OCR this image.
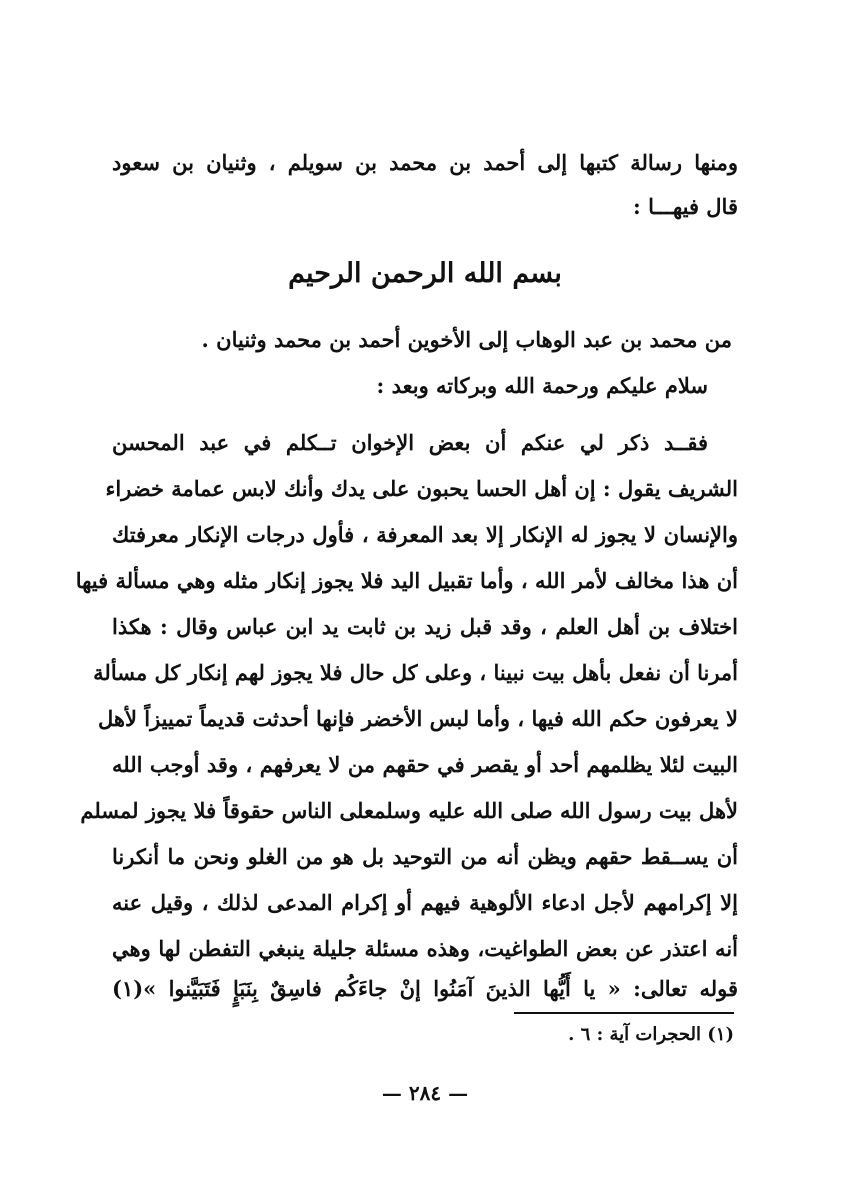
ومنها رسالة كتبها إلى أحمد بن محمد بن سويلم ، وثنيان بن سعود
قال فيهـــا :
بسم الله الرحمن الرحيم
من محمد بن عبد الوهاب إلى الأخوين أحمد بن محمد وثنيان .
سلام عليكم ورحمة الله وبركاته وبعد :
فقــد ذكر لي عنكم أن بعض الإخوان تــكلم في عبد المحسن
الشريف يقول : إن أهل الحسا يحبون على يدك وأنك لابس عمامة خضراء
والإنسان لا يجوز له الإنكار إلا بعد المعرفة ، فأول درجات الإنكار معرفتك
أن هذا مخالف لأمر الله ، وأما تقبيل اليد فلا يجوز إنكار مثله وهي مسألة فيها
اختلاف بن أهل العلم ، وقد قبل زيد بن ثابت يد ابن عباس وقال : هكذا
أمرنا أن نفعل بأهل بيت نبينا ، وعلى كل حال فلا يجوز لهم إنكار كل مسألة
لا يعرفون حكم الله فيها ، وأما لبس الأخضر فإنها أحدثت قديماً تمييزاً لأهل
البيت لئلا يظلمهم أحد أو يقصر في حقهم من لا يعرفهم ، وقد أوجب الله
لأهل بيت رسول الله صلى الله عليه وسلمعلى الناس حقوقاً فلا يجوز لمسلم
أن يســقط حقهم ويظن أنه من التوحيد بل هو من الغلو ونحن ما أنكرنا
إلا إكرامهم لأجل ادعاء الألوهية فيهم أو إكرام المدعى لذلك ، وقيل عنه
أنه اعتذر عن بعض الطواغيت، وهذه مسئلة جليلة ينبغي التفطن لها وهي
قوله تعالى: « يا أَيُّها الذينَ آمَنُوا إنْ جاءَكُم فاسِقٌ بِنَبَإٍ فَتَبَيَّنوا »(١)
(١) الحجرات آية : ٦ .
— ٢٨٤ —
